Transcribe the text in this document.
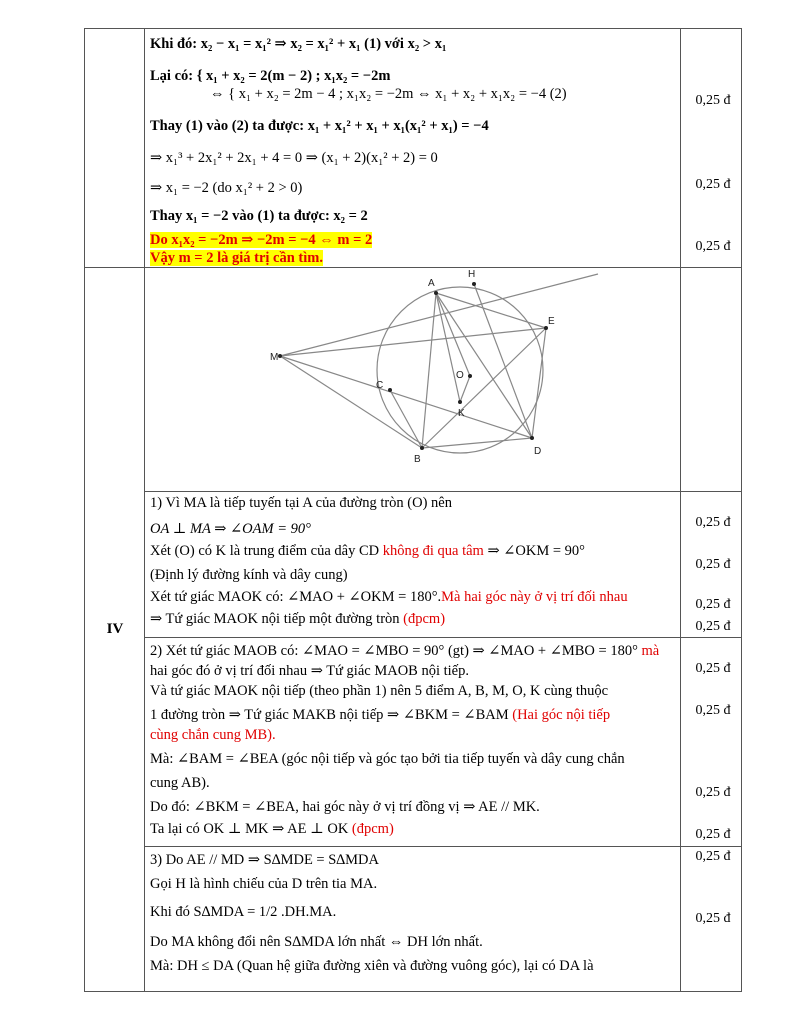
IV
Khi đó: x₂ − x₁ = x₁² ⇒ x₂ = x₁² + x₁ (1) với x₂ > x₁
Lại có: { x₁ + x₂ = 2(m − 2) ; x₁x₂ = −2m
⇔ { x₁ + x₂ = 2m − 4 ; x₁x₂ = −2m ⇔ x₁ + x₂ + x₁x₂ = −4 (2)
Thay (1) vào (2) ta được: x₁ + x₁² + x₁ + x₁(x₁² + x₁) = −4
⇒ x₁³ + 2x₁² + 2x₁ + 4 = 0 ⇒ (x₁ + 2)(x₁² + 2) = 0
⇒ x₁ = −2 (do x₁² + 2 > 0)
Thay x₁ = −2 vào (1) ta được: x₂ = 2
Do x₁x₂ = −2m ⇒ −2m = −4 ⇔ m = 2
Vậy m = 2 là giá trị cần tìm.
A
H
E
M
C
O
K
B
D
1) Vì MA là tiếp tuyến tại A của đường tròn (O) nên
OA ⊥ MA ⇒ ∠OAM = 90°
Xét (O) có K là trung điểm của dây CD không đi qua tâm ⇒ ∠OKM = 90°
(Định lý đường kính và dây cung)
Xét tứ giác MAOK có: ∠MAO + ∠OKM = 180°.Mà hai góc này ở vị trí đối nhau
⇒ Tứ giác MAOK nội tiếp một đường tròn (đpcm)
2) Xét tứ giác MAOB có: ∠MAO = ∠MBO = 90° (gt) ⇒ ∠MAO + ∠MBO = 180° mà
hai góc đó ở vị trí đối nhau ⇒ Tứ giác MAOB nội tiếp.
Và tứ giác MAOK nội tiếp (theo phần 1) nên 5 điểm A, B, M, O, K cùng thuộc
1 đường tròn ⇒ Tứ giác MAKB nội tiếp ⇒ ∠BKM = ∠BAM (Hai góc nội tiếp
cùng chắn cung MB).
Mà: ∠BAM = ∠BEA (góc nội tiếp và góc tạo bởi tia tiếp tuyến và dây cung chắn
cung AB).
Do đó: ∠BKM = ∠BEA, hai góc này ở vị trí đồng vị ⇒ AE // MK.
Ta lại có OK ⊥ MK ⇒ AE ⊥ OK (đpcm)
3) Do AE // MD ⇒ S∆MDE = S∆MDA
Gọi H là hình chiếu của D trên tia MA.
Khi đó S∆MDA = 1/2 .DH.MA.
Do MA không đổi nên S∆MDA lớn nhất ⇔ DH lớn nhất.
Mà: DH ≤ DA (Quan hệ giữa đường xiên và đường vuông góc), lại có DA là
0,25 đ
0,25 đ
0,25 đ
0,25 đ
0,25 đ
0,25 đ
0,25 đ
0,25 đ
0,25 đ
0,25 đ
0,25 đ
0,25 đ
0,25 đ
